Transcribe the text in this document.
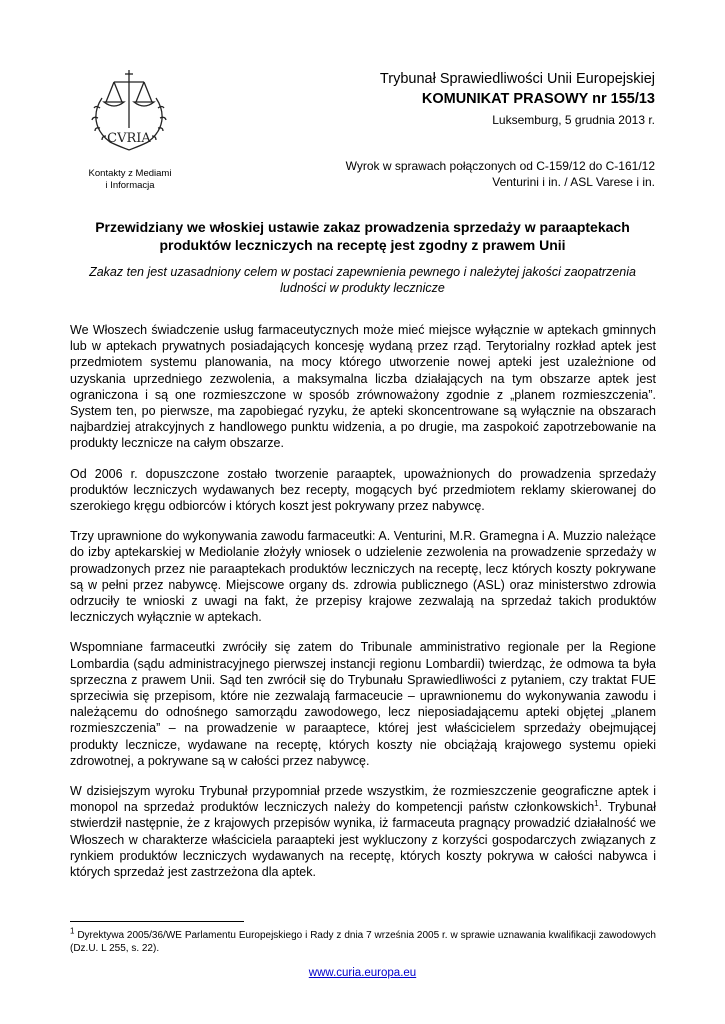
CVRIA
Kontakty z Mediami
i Informacja
Trybunał Sprawiedliwości Unii Europejskiej
KOMUNIKAT PRASOWY nr 155/13
Luksemburg, 5 grudnia 2013 r.
Wyrok w sprawach połączonych od C-159/12 do C-161/12
Venturini i in. / ASL Varese i in.
Przewidziany we włoskiej ustawie zakaz prowadzenia sprzedaży w paraaptekach produktów leczniczych na receptę jest zgodny z prawem Unii
Zakaz ten jest uzasadniony celem w postaci zapewnienia pewnego i należytej jakości zaopatrzenia ludności w produkty lecznicze

We Włoszech świadczenie usług farmaceutycznych może mieć miejsce wyłącznie w aptekach gminnych lub w aptekach prywatnych posiadających koncesję wydaną przez rząd. Terytorialny rozkład aptek jest przedmiotem systemu planowania, na mocy którego utworzenie nowej apteki jest uzależnione od uzyskania uprzedniego zezwolenia, a maksymalna liczba działających na tym obszarze aptek jest ograniczona i są one rozmieszczone w sposób zrównoważony zgodnie z „planem rozmieszczenia”. System ten, po pierwsze, ma zapobiegać ryzyku, że apteki skoncentrowane są wyłącznie na obszarach najbardziej atrakcyjnych z handlowego punktu widzenia, a po drugie, ma zaspokoić zapotrzebowanie na produkty lecznicze na całym obszarze.

Od 2006 r. dopuszczone zostało tworzenie paraaptek, upoważnionych do prowadzenia sprzedaży produktów leczniczych wydawanych bez recepty, mogących być przedmiotem reklamy skierowanej do szerokiego kręgu odbiorców i których koszt jest pokrywany przez nabywcę.

Trzy uprawnione do wykonywania zawodu farmaceutki: A. Venturini, M.R. Gramegna i A. Muzzio należące do izby aptekarskiej w Mediolanie złożyły wniosek o udzielenie zezwolenia na prowadzenie sprzedaży w prowadzonych przez nie paraaptekach produktów leczniczych na receptę, lecz których koszty pokrywane są w pełni przez nabywcę. Miejscowe organy ds. zdrowia publicznego (ASL) oraz ministerstwo zdrowia odrzuciły te wnioski z uwagi na fakt, że przepisy krajowe zezwalają na sprzedaż takich produktów leczniczych wyłącznie w aptekach.

Wspomniane farmaceutki zwróciły się zatem do Tribunale amministrativo regionale per la Regione Lombardia (sądu administracyjnego pierwszej instancji regionu Lombardii) twierdząc, że odmowa ta była sprzeczna z prawem Unii. Sąd ten zwrócił się do Trybunału Sprawiedliwości z pytaniem, czy traktat FUE sprzeciwia się przepisom, które nie zezwalają farmaceucie – uprawnionemu do wykonywania zawodu i należącemu do odnośnego samorządu zawodowego, lecz nieposiadającemu apteki objętej „planem rozmieszczenia” – na prowadzenie w paraaptece, której jest właścicielem sprzedaży obejmującej produkty lecznicze, wydawane na receptę, których koszty nie obciążają krajowego systemu opieki zdrowotnej, a pokrywane są w całości przez nabywcę.

W dzisiejszym wyroku Trybunał przypomniał przede wszystkim, że rozmieszczenie geograficzne aptek i monopol na sprzedaż produktów leczniczych należy do kompetencji państw członkowskich$^1$. Trybunał stwierdził następnie, że z krajowych przepisów wynika, iż farmaceuta pragnący prowadzić działalność we Włoszech w charakterze właściciela paraapteki jest wykluczony z korzyści gospodarczych związanych z rynkiem produktów leczniczych wydawanych na receptę, których koszty pokrywa w całości nabywca i których sprzedaż jest zastrzeżona dla aptek.

$^1$ Dyrektywa 2005/36/WE Parlamentu Europejskiego i Rady z dnia 7 września 2005 r. w sprawie uznawania kwalifikacji zawodowych (Dz.U. L 255, s. 22).
www.curia.europa.eu
